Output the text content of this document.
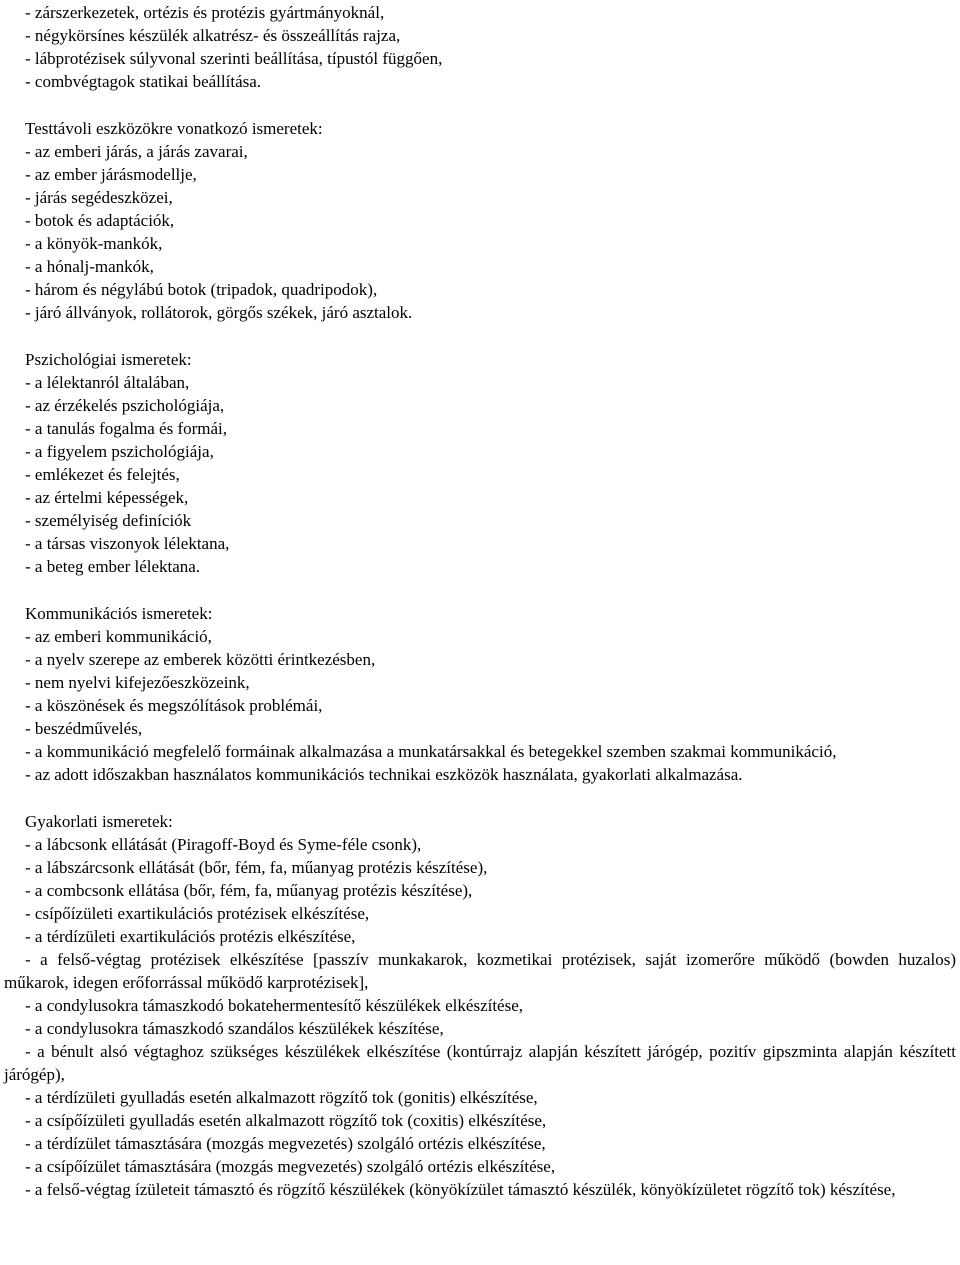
- zárszerkezetek, ortézis és protézis gyártmányoknál,
- négykörsínes készülék alkatrész- és összeállítás rajza,
- lábprotézisek súlyvonal szerinti beállítása, típustól függően,
- combvégtagok statikai beállítása.
Testtávoli eszközökre vonatkozó ismeretek:
- az emberi járás, a járás zavarai,
- az ember járásmodellje,
- járás segédeszközei,
- botok és adaptációk,
- a könyök-mankók,
- a hónalj-mankók,
- három és négylábú botok (tripadok, quadripodok),
- járó állványok, rollátorok, görgős székek, járó asztalok.
Pszichológiai ismeretek:
- a lélektanról általában,
- az érzékelés pszichológiája,
- a tanulás fogalma és formái,
- a figyelem pszichológiája,
- emlékezet és felejtés,
- az értelmi képességek,
- személyiség definíciók
- a társas viszonyok lélektana,
- a beteg ember lélektana.
Kommunikációs ismeretek:
- az emberi kommunikáció,
- a nyelv szerepe az emberek közötti érintkezésben,
- nem nyelvi kifejezőeszközeink,
- a köszönések és megszólítások problémái,
- beszédművelés,
- a kommunikáció megfelelő formáinak alkalmazása a munkatársakkal és betegekkel szemben szakmai kommunikáció,
- az adott időszakban használatos kommunikációs technikai eszközök használata, gyakorlati alkalmazása.
Gyakorlati ismeretek:
- a lábcsonk ellátását (Piragoff-Boyd és Syme-féle csonk),
- a lábszárcsonk ellátását (bőr, fém, fa, műanyag protézis készítése),
- a combcsonk ellátása (bőr, fém, fa, műanyag protézis készítése),
- csípőízületi exartikulációs protézisek elkészítése,
- a térdízületi exartikulációs protézis elkészítése,
- a felső-végtag protézisek elkészítése [passzív munkakarok, kozmetikai protézisek, saját izomerőre működő (bowden huzalos) műkarok, idegen erőforrással működő karprotézisek],
- a condylusokra támaszkodó bokatehermentesítő készülékek elkészítése,
- a condylusokra támaszkodó szandálos készülékek készítése,
- a bénult alsó végtaghoz szükséges készülékek elkészítése (kontúrrajz alapján készített járógép, pozitív gipszminta alapján készített járógép),
- a térdízületi gyulladás esetén alkalmazott rögzítő tok (gonitis) elkészítése,
- a csípőízületi gyulladás esetén alkalmazott rögzítő tok (coxitis) elkészítése,
- a térdízület támasztására (mozgás megvezetés) szolgáló ortézis elkészítése,
- a csípőízület támasztására (mozgás megvezetés) szolgáló ortézis elkészítése,
- a felső-végtag ízületeit támasztó és rögzítő készülékek (könyökízület támasztó készülék, könyökízületet rögzítő tok) készítése,
